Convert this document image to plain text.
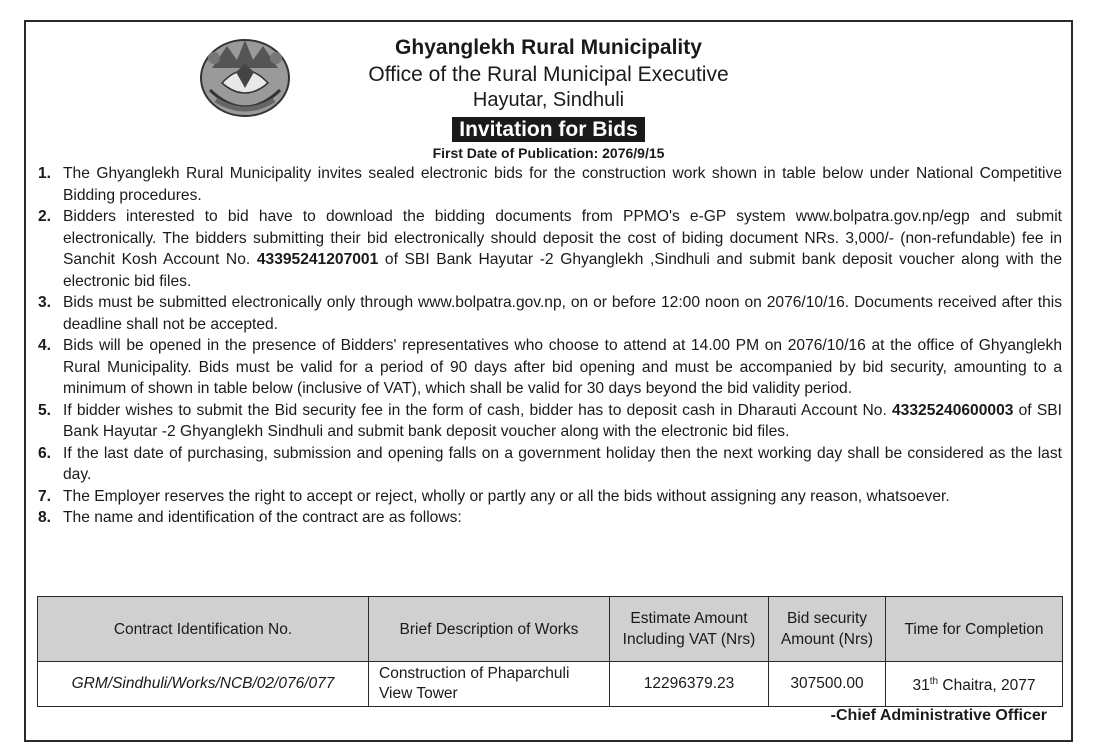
Ghyanglekh Rural Municipality
Office of the Rural Municipal Executive
Hayutar, Sindhuli
Invitation for Bids
First Date of Publication: 2076/9/15
1. The Ghyanglekh Rural Municipality invites sealed electronic bids for the construction work shown in table below under National Competitive Bidding procedures.
2. Bidders interested to bid have to download the bidding documents from PPMO's e-GP system www.bolpatra.gov.np/egp and submit electronically. The bidders submitting their bid electronically should deposit the cost of biding document NRs. 3,000/- (non-refundable) fee in Sanchit Kosh Account No. 43395241207001 of SBI Bank Hayutar -2 Ghyanglekh ,Sindhuli and submit bank deposit voucher along with the electronic bid files.
3. Bids must be submitted electronically only through www.bolpatra.gov.np, on or before 12:00 noon on 2076/10/16. Documents received after this deadline shall not be accepted.
4. Bids will be opened in the presence of Bidders' representatives who choose to attend at 14.00 PM on 2076/10/16 at the office of Ghyanglekh Rural Municipality. Bids must be valid for a period of 90 days after bid opening and must be accompanied by bid security, amounting to a minimum of shown in table below (inclusive of VAT), which shall be valid for 30 days beyond the bid validity period.
5. If bidder wishes to submit the Bid security fee in the form of cash, bidder has to deposit cash in Dharauti Account No. 43325240600003 of SBI Bank Hayutar -2 Ghyanglekh Sindhuli and submit bank deposit voucher along with the electronic bid files.
6. If the last date of purchasing, submission and opening falls on a government holiday then the next working day shall be considered as the last day.
7. The Employer reserves the right to accept or reject, wholly or partly any or all the bids without assigning any reason, whatsoever.
8. The name and identification of the contract are as follows:
Contract Identification No.	Brief Description of Works	Estimate Amount Including VAT (Nrs)	Bid security Amount (Nrs)	Time for Completion
GRM/Sindhuli/Works/NCB/02/076/077	Construction of Phaparchuli View Tower	12296379.23	307500.00	31th Chaitra, 2077
-Chief Administrative Officer
